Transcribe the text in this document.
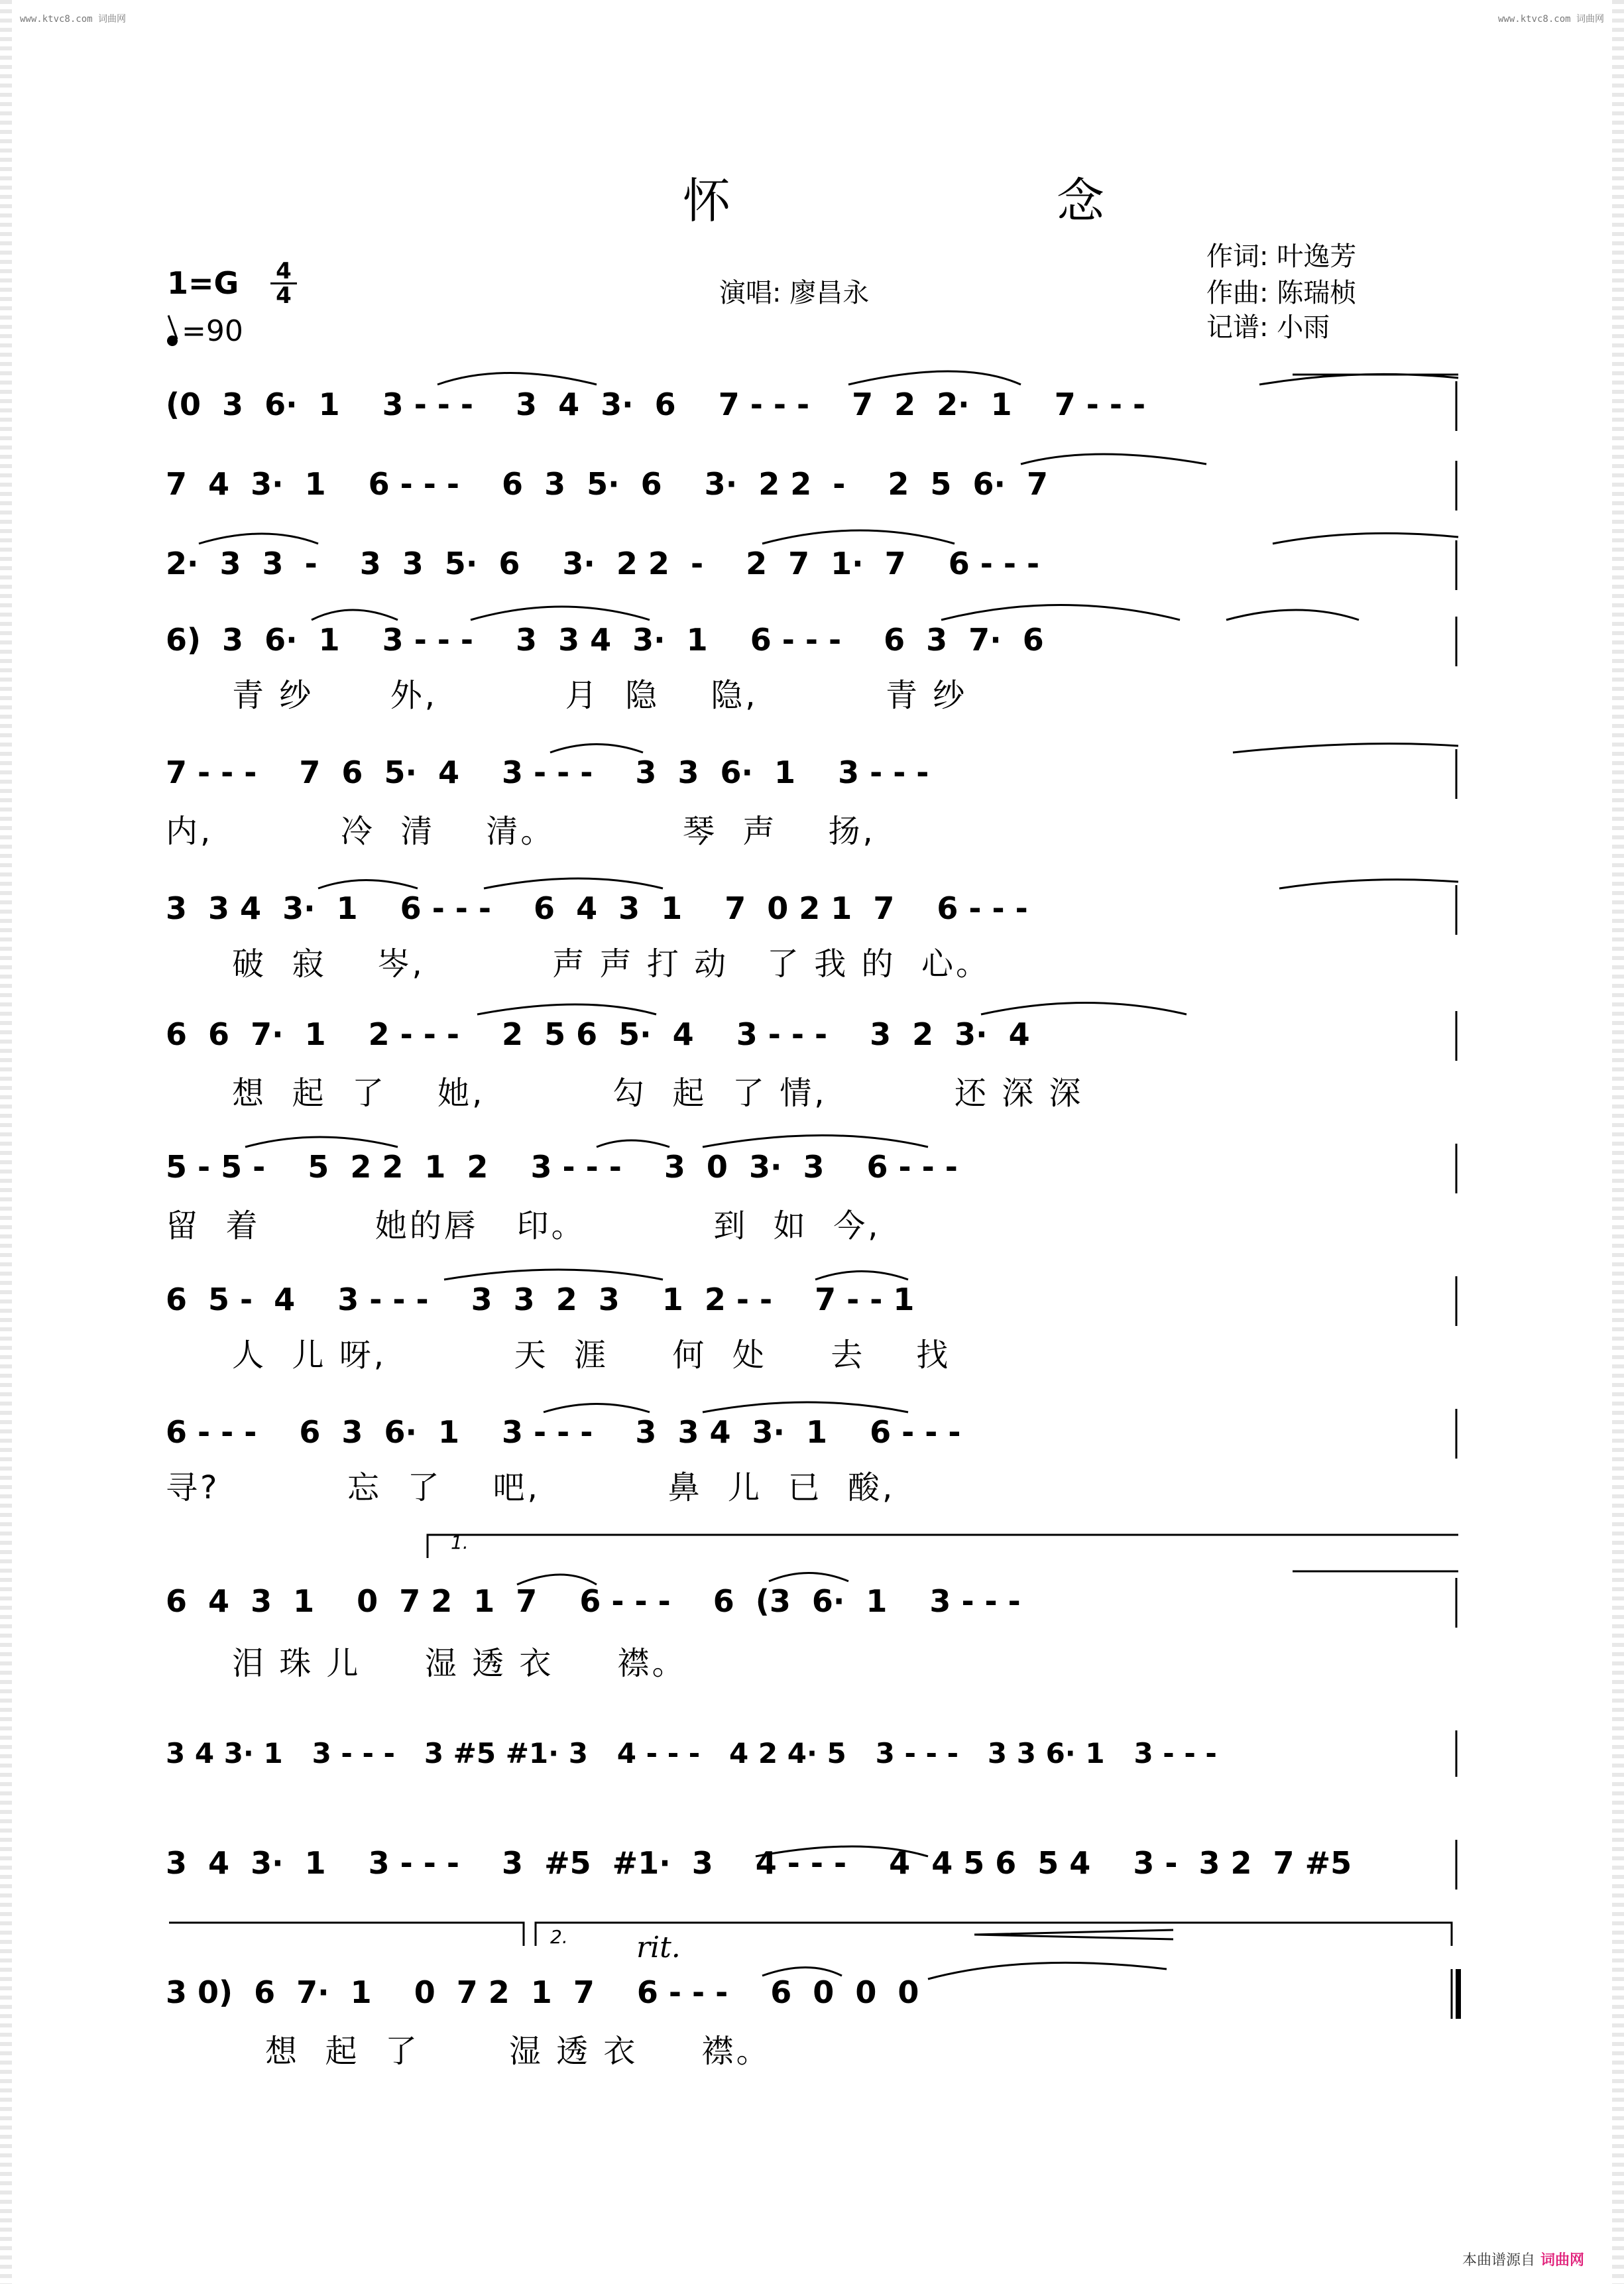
www.ktvc8.com 词曲网	www.ktvc8.com 词曲网
怀　念
作词: 叶逸芳
作曲: 陈瑞桢
记谱: 小雨
演唱: 廖昌永
1=G 4
4
=90
(0  3  6·  1    3 - - -    3  4  3·  6    7 - - -    7  2  2·  1    7 - - -
7  4  3·  1    6 - - -    6  3  5·  6    3·  2 2  -    2  5  6·  7
2·  3  3  -    3  3  5·  6    3·  2 2  -    2  7  1·  7    6 - - -
6)  3  6·  1    3 - - -    3  3 4  3·  1    6 - - -    6  3  7·  6
青 纱      外,          月  隐    隐,          青 纱
7 - - -    7  6  5·  4    3 - - -    3  3  6·  1    3 - - -
内,          冷  清    清。          琴  声    扬,
3  3 4  3·  1    6 - - -    6  4  3  1    7  0 2 1  7    6 - - -
破  寂    岑,          声 声 打 动   了 我 的  心。
6  6  7·  1    2 - - -    2  5 6  5·  4    3 - - -    3  2  3·  4
想  起  了    她,          勾  起  了 情,          还 深 深
5 - 5 -    5  2 2  1  2    3 - - -    3  0  3·  3    6 - - -
留  着         她的唇   印。          到  如  今,
6  5 -  4    3 - - -    3  3  2  3    1  2 - -    7 - - 1
人  儿 呀,          天  涯     何  处     去    找
6 - - -    6  3  6·  1    3 - - -    3  3 4  3·  1    6 - - -
寻?          忘  了    吧,          鼻  儿  已  酸,
1.
6  4  3  1    0  7 2  1  7    6 - - -    6  (3  6·  1    3 - - -
泪 珠 儿     湿 透 衣     襟。
3 4 3· 1   3 - - -   3 #5 #1· 3   4 - - -   4 2 4· 5   3 - - -   3 3 6· 1   3 - - -
3  4  3·  1    3 - - -    3  #5  #1·  3    4 - - -    4  4 5 6  5 4    3 -  3 2  7 #5
2. rit.
3 0)  6  7·  1    0  7 2  1  7    6 - - -    6  0  0  0
想  起  了       湿 透 衣     襟。
本曲谱源自 词曲网
